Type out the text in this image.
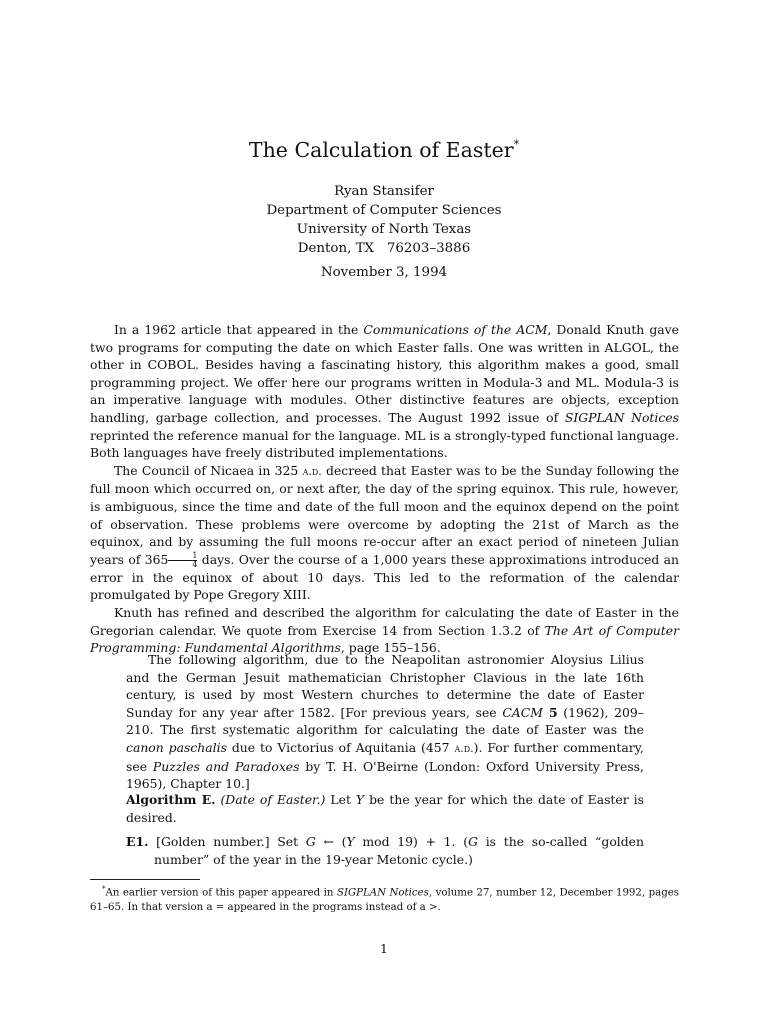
The Calculation of Easter*
Ryan Stansifer
Department of Computer Sciences
University of North Texas
Denton, TX   76203–3886
November 3, 1994

In a 1962 article that appeared in the Communications of the ACM, Donald Knuth gave two programs for computing the date on which Easter falls. One was written in ALGOL, the other in COBOL. Besides having a fascinating history, this algorithm makes a good, small programming project. We offer here our programs written in Modula-3 and ML. Modula-3 is an imperative language with modules. Other distinctive features are objects, exception handling, garbage collection, and processes. The August 1992 issue of SIGPLAN Notices reprinted the reference manual for the language. ML is a strongly-typed functional language. Both languages have freely distributed implementations.

The Council of Nicaea in 325 a.d. decreed that Easter was to be the Sunday following the full moon which occurred on, or next after, the day of the spring equinox. This rule, however, is ambiguous, since the time and date of the full moon and the equinox depend on the point of observation. These problems were overcome by adopting the 21st of March as the equinox, and by assuming the full moons re-occur after an exact period of nineteen Julian years of $365 \frac{1}{4}$ days. Over the course of a 1,000 years these approximations introduced an error in the equinox of about 10 days. This led to the reformation of the calendar promulgated by Pope Gregory XIII.

Knuth has refined and described the algorithm for calculating the date of Easter in the Gregorian calendar. We quote from Exercise 14 from Section 1.3.2 of The Art of Computer Programming: Fundamental Algorithms, page 155–156.

The following algorithm, due to the Neapolitan astronomier Aloysius Lilius and the German Jesuit mathematician Christopher Clavious in the late 16th century, is used by most Western churches to determine the date of Easter Sunday for any year after 1582. [For previous years, see CACM 5 (1962), 209–210. The first systematic algorithm for calculating the date of Easter was the canon paschalis due to Victorius of Aquitania (457 a.d.). For further commentary, see Puzzles and Paradoxes by T. H. O'Beirne (London: Oxford University Press, 1965), Chapter 10.]

Algorithm E. (Date of Easter.) Let Y be the year for which the date of Easter is desired.

E1. [Golden number.] Set G ← (Y mod 19) + 1. (G is the so-called “golden number” of the year in the 19-year Metonic cycle.)

*An earlier version of this paper appeared in SIGPLAN Notices, volume 27, number 12, December 1992, pages 61–65. In that version a = appeared in the programs instead of a >.

1
